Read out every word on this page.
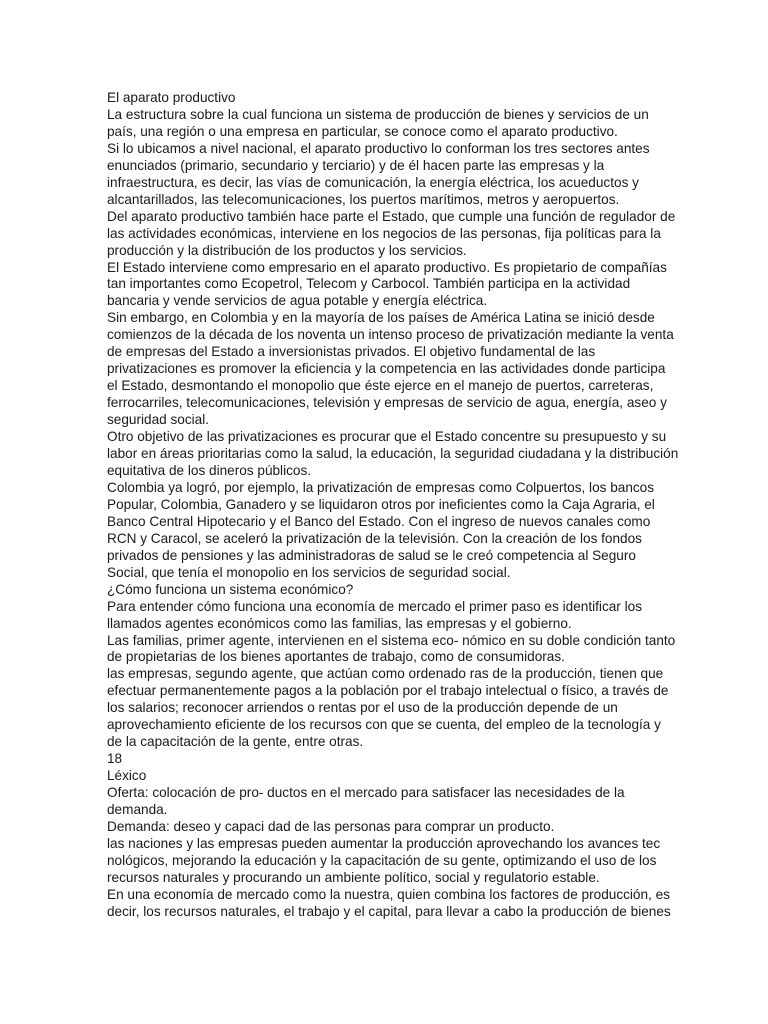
El aparato productivo
La estructura sobre la cual funciona un sistema de producción de bienes y servicios de un
país, una región o una empresa en particular, se conoce como el aparato productivo.
Si lo ubicamos a nivel nacional, el aparato productivo lo conforman los tres sectores antes
enunciados (primario, secundario y terciario) y de él hacen parte las empresas y la
infraestructura, es decir, las vías de comunicación, la energía eléctrica, los acueductos y
alcantarillados, las telecomunicaciones, los puertos marítimos, metros y aeropuertos.
Del aparato productivo también hace parte el Estado, que cumple una función de regulador de
las actividades económicas, interviene en los negocios de las personas, fija políticas para la
producción y la distribución de los productos y los servicios.
El Estado interviene como empresario en el aparato productivo. Es propietario de compañías
tan importantes como Ecopetrol, Telecom y Carbocol. También participa en la actividad
bancaria y vende servicios de agua potable y energía eléctrica.
Sin embargo, en Colombia y en la mayoría de los países de América Latina se inició desde
comienzos de la década de los noventa un intenso proceso de privatización mediante la venta
de empresas del Estado a inversionistas privados. El objetivo fundamental de las
privatizaciones es promover la eficiencia y la competencia en las actividades donde participa
el Estado, desmontando el monopolio que éste ejerce en el manejo de puertos, carreteras,
ferrocarriles, telecomunicaciones, televisión y empresas de servicio de agua, energía, aseo y
seguridad social.
Otro objetivo de las privatizaciones es procurar que el Estado concentre su presupuesto y su
labor en áreas prioritarias como la salud, la educación, la seguridad ciudadana y la distribución
equitativa de los dineros públicos.
Colombia ya logró, por ejemplo, la privatización de empresas como Colpuertos, los bancos
Popular, Colombia, Ganadero y se liquidaron otros por ineficientes como la Caja Agraria, el
Banco Central Hipotecario y el Banco del Estado. Con el ingreso de nuevos canales como
RCN y Caracol, se aceleró la privatización de la televisión. Con la creación de los fondos
privados de pensiones y las administradoras de salud se le creó competencia al Seguro
Social, que tenía el monopolio en los servicios de seguridad social.
¿Cómo funciona un sistema económico?
Para entender cómo funciona una economía de mercado el primer paso es identificar los
llamados agentes económicos como las familias, las empresas y el gobierno.
Las familias, primer agente, intervienen en el sistema eco- nómico en su doble condición tanto
de propietarias de los bienes aportantes de trabajo, como de consumidoras.
las empresas, segundo agente, que actúan como ordenado ras de la producción, tienen que
efectuar permanentemente pagos a la población por el trabajo intelectual o físico, a través de
los salarios; reconocer arriendos o rentas por el uso de la producción depende de un
aprovechamiento eficiente de los recursos con que se cuenta, del empleo de la tecnología y
de la capacitación de la gente, entre otras.
18
Léxico
Oferta: colocación de pro- ductos en el mercado para satisfacer las necesidades de la
demanda.
Demanda: deseo y capaci dad de las personas para comprar un producto.
las naciones y las empresas pueden aumentar la producción aprovechando los avances tec
nológicos, mejorando la educación y la capacitación de su gente, optimizando el uso de los
recursos naturales y procurando un ambiente político, social y regulatorio estable.
En una economía de mercado como la nuestra, quien combina los factores de producción, es
decir, los recursos naturales, el trabajo y el capital, para llevar a cabo la producción de bienes
